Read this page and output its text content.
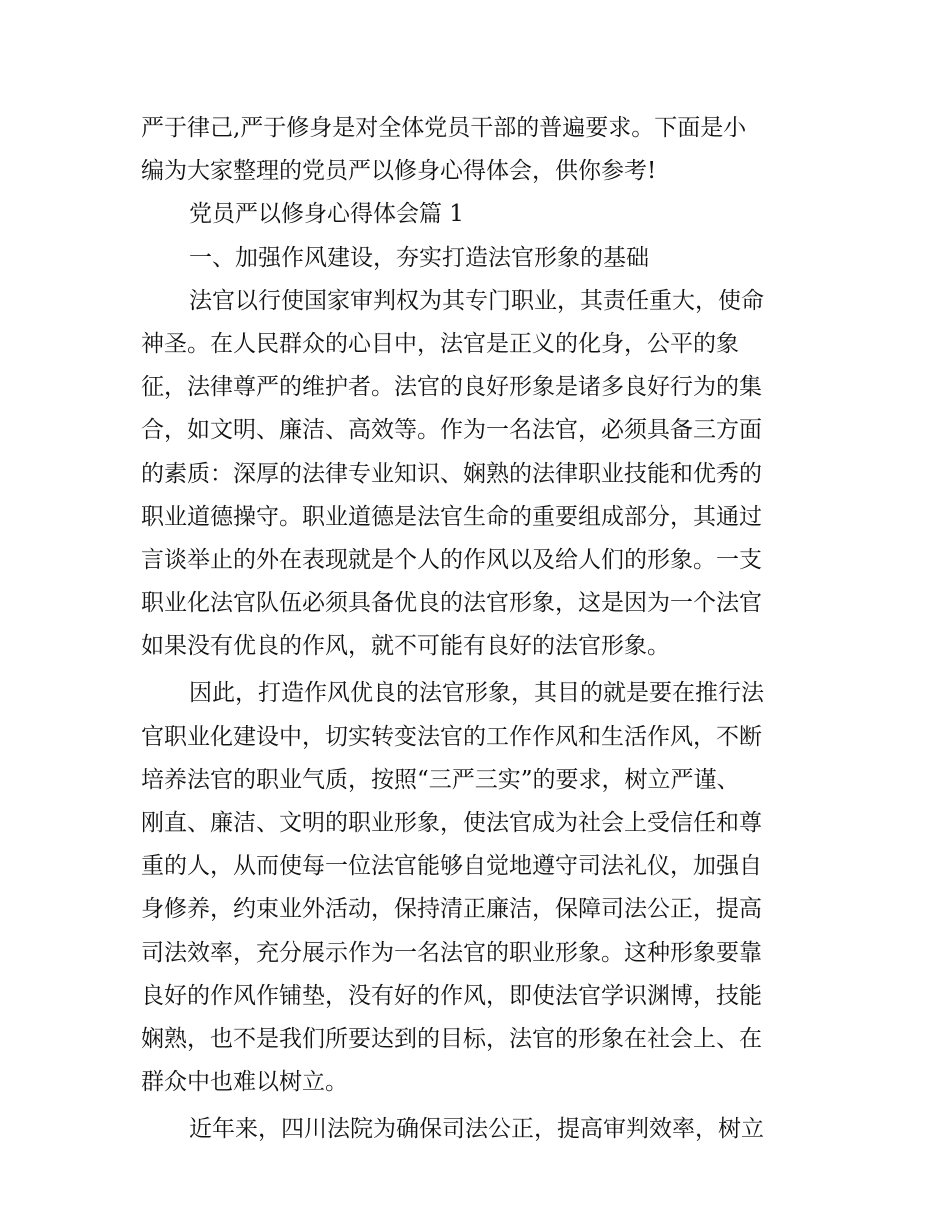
严于律己,严于修身是对全体党员干部的普遍要求。下面是小
编为大家整理的党员严以修身心得体会，供你参考!
党员严以修身心得体会篇 1
一、加强作风建设，夯实打造法官形象的基础
法官以行使国家审判权为其专门职业，其责任重大，使命
神圣。在人民群众的心目中，法官是正义的化身，公平的象
征，法律尊严的维护者。法官的良好形象是诸多良好行为的集
合，如文明、廉洁、高效等。作为一名法官，必须具备三方面
的素质：深厚的法律专业知识、娴熟的法律职业技能和优秀的
职业道德操守。职业道德是法官生命的重要组成部分，其通过
言谈举止的外在表现就是个人的作风以及给人们的形象。一支
职业化法官队伍必须具备优良的法官形象，这是因为一个法官
如果没有优良的作风，就不可能有良好的法官形象。
因此，打造作风优良的法官形象，其目的就是要在推行法
官职业化建设中，切实转变法官的工作作风和生活作风，不断
培养法官的职业气质，按照“三严三实”的要求，树立严谨、
刚直、廉洁、文明的职业形象，使法官成为社会上受信任和尊
重的人，从而使每一位法官能够自觉地遵守司法礼仪，加强自
身修养，约束业外活动，保持清正廉洁，保障司法公正，提高
司法效率，充分展示作为一名法官的职业形象。这种形象要靠
良好的作风作铺垫，没有好的作风，即使法官学识渊博，技能
娴熟，也不是我们所要达到的目标，法官的形象在社会上、在
群众中也难以树立。
近年来，四川法院为确保司法公正，提高审判效率，树立
